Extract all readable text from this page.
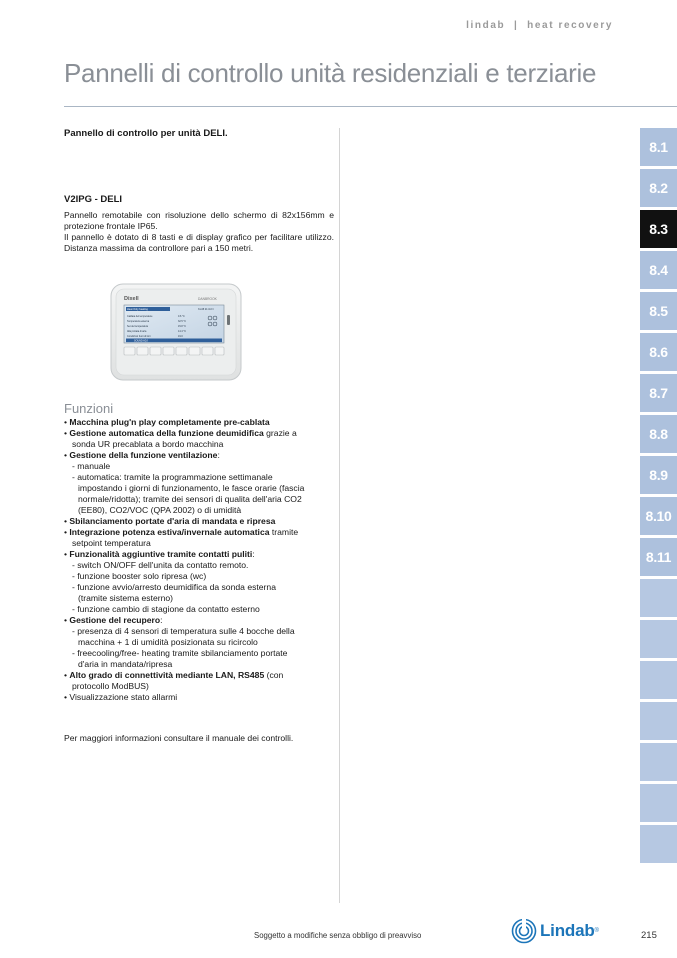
lindab | heat recovery
Pannelli di controllo unità residenziali e terziarie
Pannello di controllo per unità DELI.
V2IPG - DELI

Pannello remotabile con risoluzione dello schermo di 82x156mm e protezione frontale IP65.

Il pannello è dotato di 8 tasti e di display grafico per facilitare utilizzo. Distanza massima da controllore pari a 150 metri.

Dixell	DANBROOK
Heat Only heating	31-08 21:41 Fr
Caldaia del temperature	0.6 °C
Temperatura esterna	32.5 °C
Set del temperatura	15.8 °C
Alla portata di aria	14.4 °C
Condizioni fuori di Giri	19.0
SOUND ADJ
Funzioni

• Macchina plug'n play completamente pre-cablata

• Gestione automatica della funzione deumidifica grazie a

sonda UR precablata a bordo macchina

• Gestione della funzione ventilazione:

- manuale

- automatica: tramite la programmazione settimanale

impostando i giorni di funzionamento, le fasce orarie (fascia

normale/ridotta); tramite dei sensori di qualita dell'aria CO2

(EE80), CO2/VOC (QPA 2002) o di umidità

• Sbilanciamento portate d'aria di mandata e ripresa

• Integrazione potenza estiva/invernale automatica tramite

setpoint temperatura

• Funzionalità aggiuntive tramite contatti puliti:

- switch ON/OFF dell'unita da contatto remoto.

- funzione booster solo ripresa (wc)

- funzione avvio/arresto deumidifica da sonda esterna

(tramite sistema esterno)

- funzione cambio di stagione da contatto esterno

• Gestione del recupero:

- presenza di 4 sensori di temperatura sulle 4 bocche della

macchina + 1 di umidità posizionata su ricircolo

- freecooling/free- heating tramite sbilanciamento portate

d'aria in mandata/ripresa

• Alto grado di connettività mediante LAN, RS485 (con

protocollo ModBUS)

• Visualizzazione stato allarmi

Per maggiori informazioni consultare il manuale dei controlli.
8.1
8.2
8.3
8.4
8.5
8.6
8.7
8.8
8.9
8.10
8.11
Soggetto a modifiche senza obbligo di preavviso	Lindab ®	215
